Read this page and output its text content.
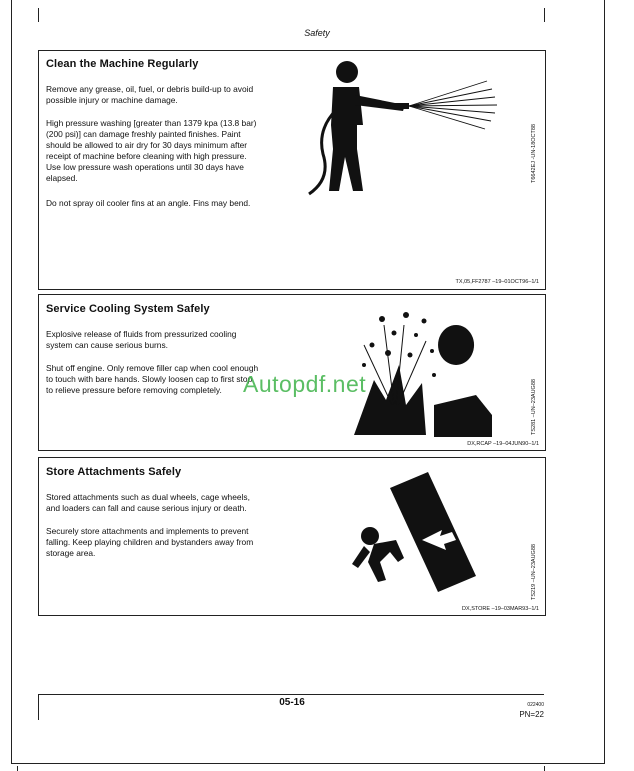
Safety
Clean the Machine Regularly

Remove any grease, oil, fuel, or debris build-up to avoid
possible injury or machine damage.

High pressure washing [greater than 1379 kpa (13.8 bar)
(200 psi)] can damage freshly painted finishes. Paint
should be allowed to air dry for 30 days minimum after
receipt of machine before cleaning with high pressure.
Use low pressure wash operations until 30 days have
elapsed.

Do not spray oil cooler fins at an angle. Fins may bend.

T6642EJ -UN-18OCT88
TX,05,FF2787 –19–01OCT96–1/1
Service Cooling System Safely

Explosive release of fluids from pressurized cooling
system can cause serious burns.

Shut off engine. Only remove filler cap when cool enough
to touch with bare hands. Slowly loosen cap to first stop
to relieve pressure before removing completely.	TS281 –UN–23AUG88
DX,RCAP –19–04JUN90–1/1
Store Attachments Safely

Stored attachments such as dual wheels, cage wheels,
and loaders can fall and cause serious injury or death.

Securely store attachments and implements to prevent
falling. Keep playing children and bystanders away from
storage area.	TS219 –UN–23AUG88
DX,STORE –19–03MAR93–1/1
Autopdf.net
05-16	022400
PN=22
